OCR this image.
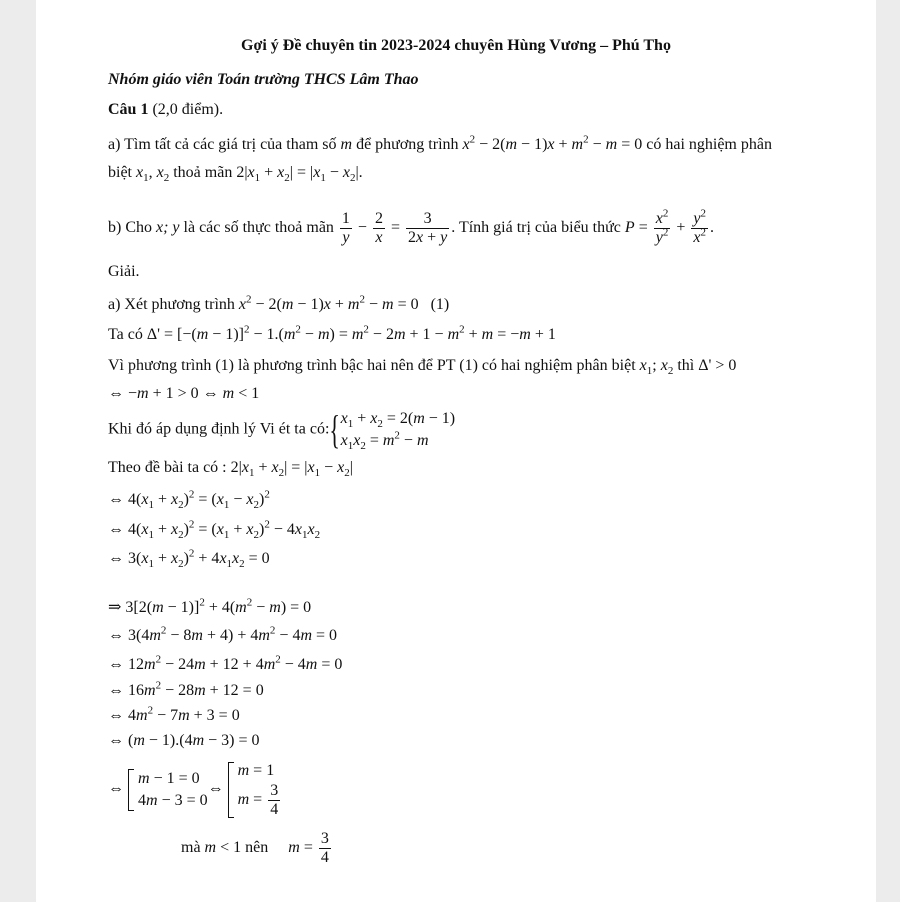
Gợi ý Đề chuyên tin 2023-2024 chuyên Hùng Vương – Phú Thọ
Nhóm giáo viên Toán trường THCS Lâm Thao
Câu 1 (2,0 điểm).
a) Tìm tất cả các giá trị của tham số m để phương trình $x^2 - 2(m - 1)x + m^2 - m = 0$ có hai nghiệm phân
biệt $x_1$, $x_2$ thoả mãn $2|x_1 + x_2| = |x_1 - x_2|$.
b) Cho x; y là các số thực thoả mãn $\frac{1}{y} - \frac{2}{x} = \frac{3}{2x + y}$ . Tính giá trị của biểu thức $P = \frac{x^2}{y^2} + \frac{y^2}{x^2}$ .
Giải.
a) Xét phương trình $x^2 - 2(m - 1)x + m^2 - m = 0$   (1)
Ta có $\Delta' = [-(m - 1)]^2 - 1.(m^2 - m) = m^2 - 2m + 1 - m^2 + m = -m + 1$
Vì phương trình (1) là phương trình bậc hai nên để PT (1) có hai nghiệm phân biệt $x_1$; $x_2$ thì Δ' > 0
⇔ −m + 1 > 0 ⇔ m < 1
Khi đó áp dụng định lý Vi ét ta có:{ $x_1 + x_2 = 2(m - 1)$
$x_1x_2 = m^2 - m$
Theo đề bài ta có : $2|x_1 + x_2| = |x_1 - x_2|$
⇔ $4(x_1 + x_2)^2 = (x_1 - x_2)^2$
⇔ $4(x_1 + x_2)^2 = (x_1 + x_2)^2 - 4x_1x_2$
⇔ $3(x_1 + x_2)^2 + 4x_1x_2 = 0$
⇒ $3[2(m - 1)]^2 + 4(m^2 - m) = 0$
⇔ $3(4m^2 - 8m + 4) + 4m^2 - 4m = 0$
⇔ $12m^2 - 24m + 12 + 4m^2 - 4m = 0$
⇔ $16m^2 - 28m + 12 = 0$
⇔ $4m^2 - 7m + 3 = 0$
⇔ (m − 1).(4m − 3) = 0
⇔
m − 1 = 0
4m − 3 = 0
⇔
m = 1
$m = \frac{3}{4}$
mà m < 1 nên $m = \frac{3}{4}$
